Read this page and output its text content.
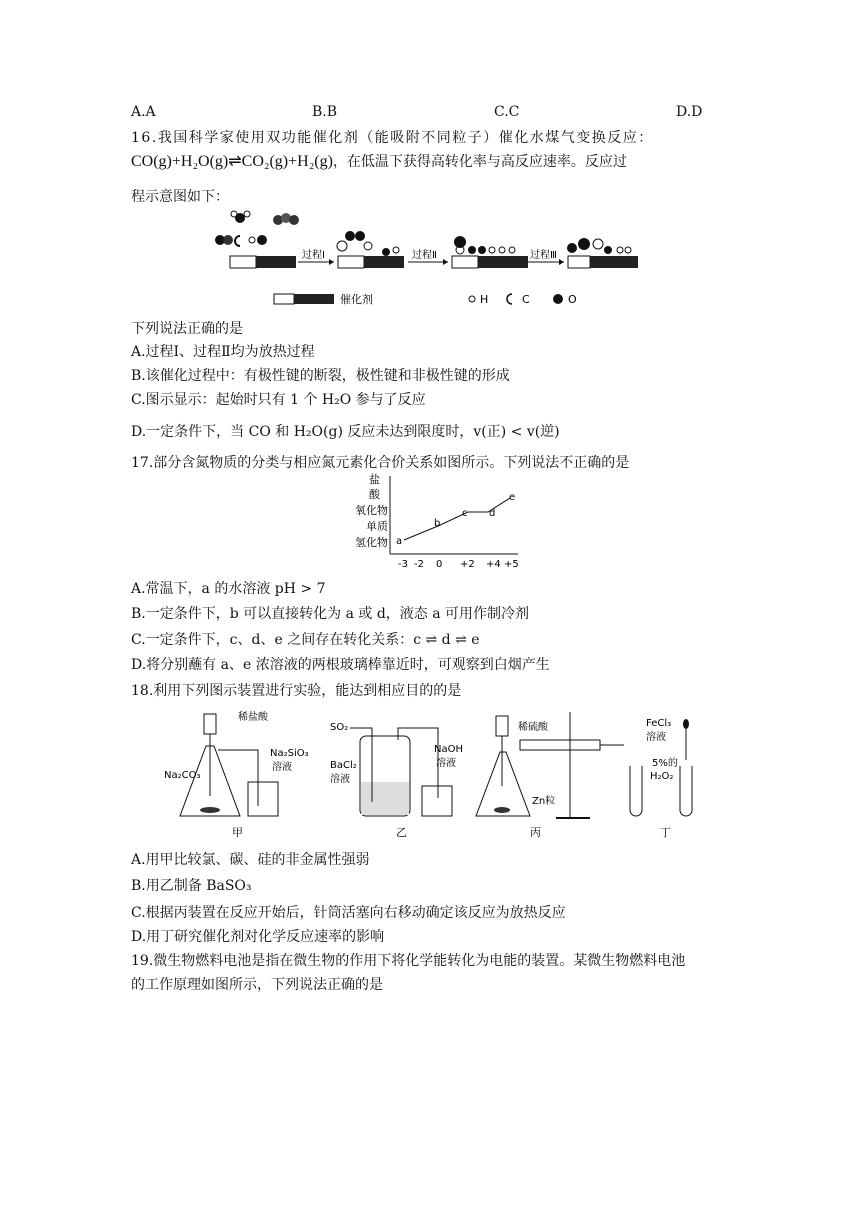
A.A	B.B	C.C	D.D
16.我国科学家使用双功能催化剂（能吸附不同粒子）催化水煤气变换反应：
CO(g)+H₂O(g)⇌CO₂(g)+H₂(g)，在低温下获得高转化率与高反应速率。反应过
程示意图如下：
过程Ⅰ	过程Ⅱ	过程Ⅲ
催化剂	H	C	O
下列说法正确的是
A.过程Ⅰ、过程Ⅱ均为放热过程
B.该催化过程中：有极性键的断裂，极性键和非极性键的形成
C.图示显示：起始时只有 1 个 H₂O 参与了反应
D.一定条件下，当 CO 和 H₂O(g) 反应未达到限度时，v(正) < v(逆)
17.部分含氮物质的分类与相应氮元素化合价关系如图所示。下列说法不正确的是
盐
酸
氧化物
单质
氢化物
-3 -2 0 +2 +4 +5
a
b
c d
e
A.常温下，a 的水溶液 pH > 7
B.一定条件下，b 可以直接转化为 a 或 d，液态 a 可用作制冷剂
C.一定条件下，c、d、e 之间存在转化关系：c ⇌ d ⇌ e
D.将分别蘸有 a、e 浓溶液的两根玻璃棒靠近时，可观察到白烟产生
18.利用下列图示装置进行实验，能达到相应目的的是
稀盐酸
Na₂CO₃
Na₂SiO₃
溶液
甲
SO₂
BaCl₂
溶液
NaOH
溶液
乙
稀硫酸
Zn粒
丙
FeCl₃
溶液
5%的
H₂O₂
丁
A.用甲比较氯、碳、硅的非金属性强弱
B.用乙制备 BaSO₃
C.根据丙装置在反应开始后，针筒活塞向右移动确定该反应为放热反应
D.用丁研究催化剂对化学反应速率的影响
19.微生物燃料电池是指在微生物的作用下将化学能转化为电能的装置。某微生物燃料电池
的工作原理如图所示，下列说法正确的是
